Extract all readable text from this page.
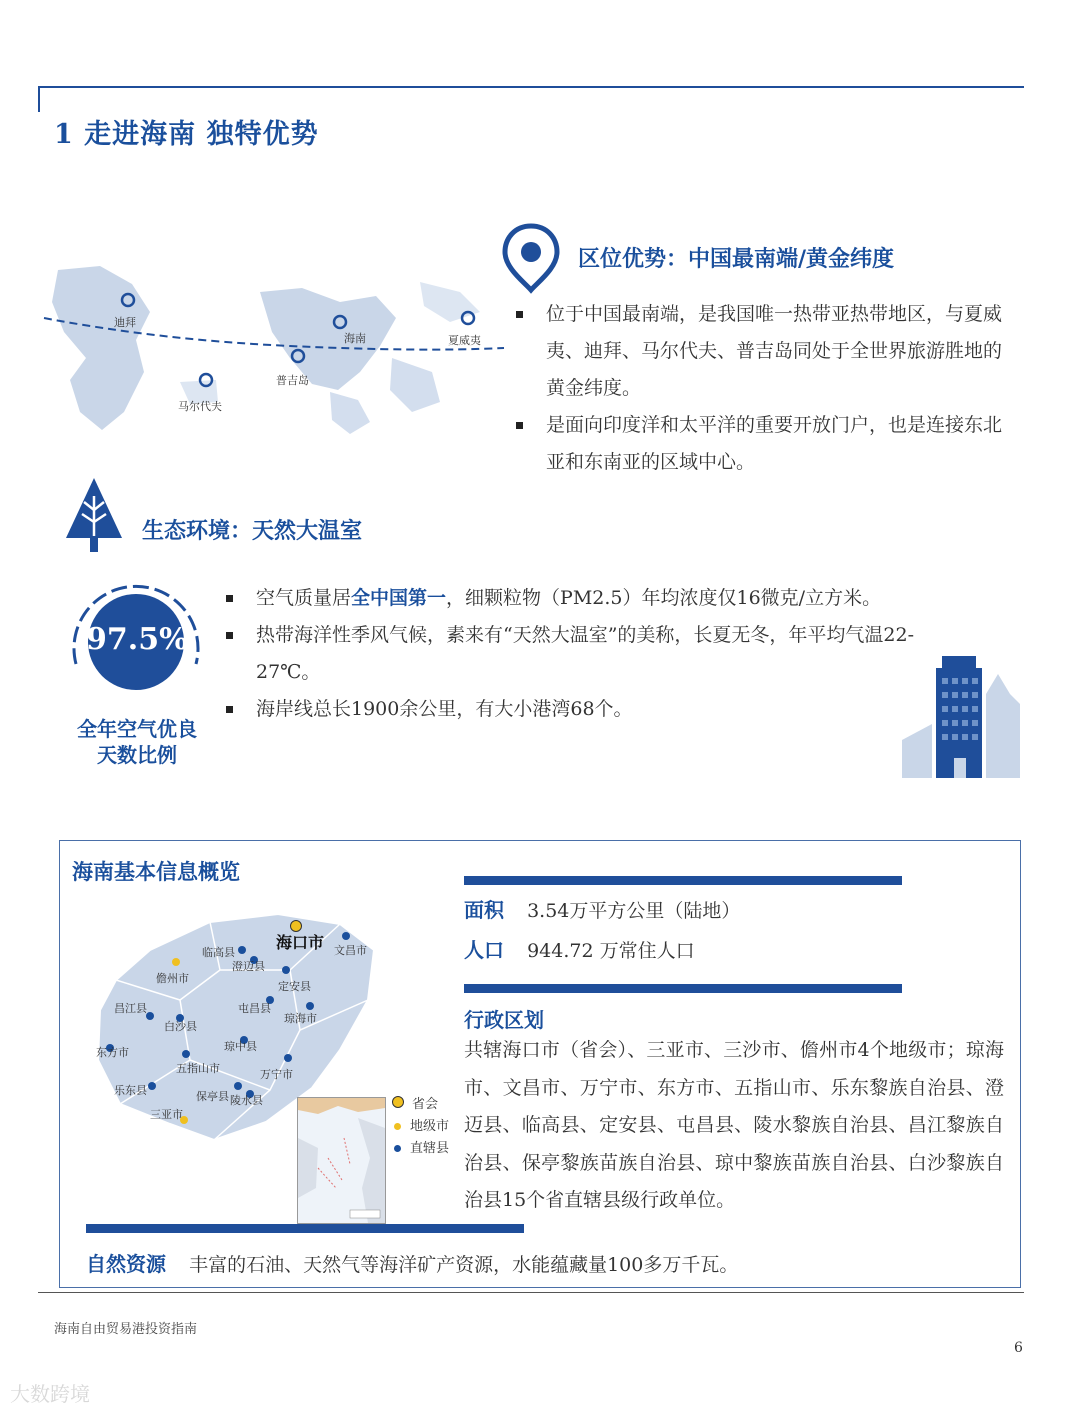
1 走进海南 独特优势
迪拜
海南	夏威夷
普吉岛
马尔代夫
区位优势：中国最南端/黄金纬度
位于中国最南端，是我国唯一热带亚热带地区，与夏威夷、迪拜、马尔代夫、普吉岛同处于全世界旅游胜地的黄金纬度。
是面向印度洋和太平洋的重要开放门户，也是连接东北亚和东南亚的区域中心。
生态环境：天然大温室
97.5%
全年空气优良
天数比例
空气质量居全中国第一，细颗粒物（PM2.5）年均浓度仅16微克/立方米。
热带海洋性季风气候，素来有“天然大温室”的美称，长夏无冬，年平均气温22-27℃。
海岸线总长1900余公里，有大小港湾68个。
海南基本信息概览
海口市 文昌市
临高县
澄迈县
儋州市
定安县
昌江县	屯昌县
白沙县
琼海市
琼中县
东方市
五指山市	万宁市
乐东县	保亭县 陵水县
三亚市
省会
地级市
直辖县
面积 3.54万平方公里（陆地）
人口 944.72 万常住人口
行政区划
共辖海口市（省会）、三亚市、三沙市、儋州市4个地级市；琼海市、文昌市、万宁市、东方市、五指山市、乐东黎族自治县、澄迈县、临高县、定安县、屯昌县、陵水黎族自治县、昌江黎族自治县、保亭黎族苗族自治县、琼中黎族苗族自治县、白沙黎族自治县15个省直辖县级行政单位。
自然资源 丰富的石油、天然气等海洋矿产资源，水能蕴藏量100多万千瓦。
海南自由贸易港投资指南
6
大数跨境
